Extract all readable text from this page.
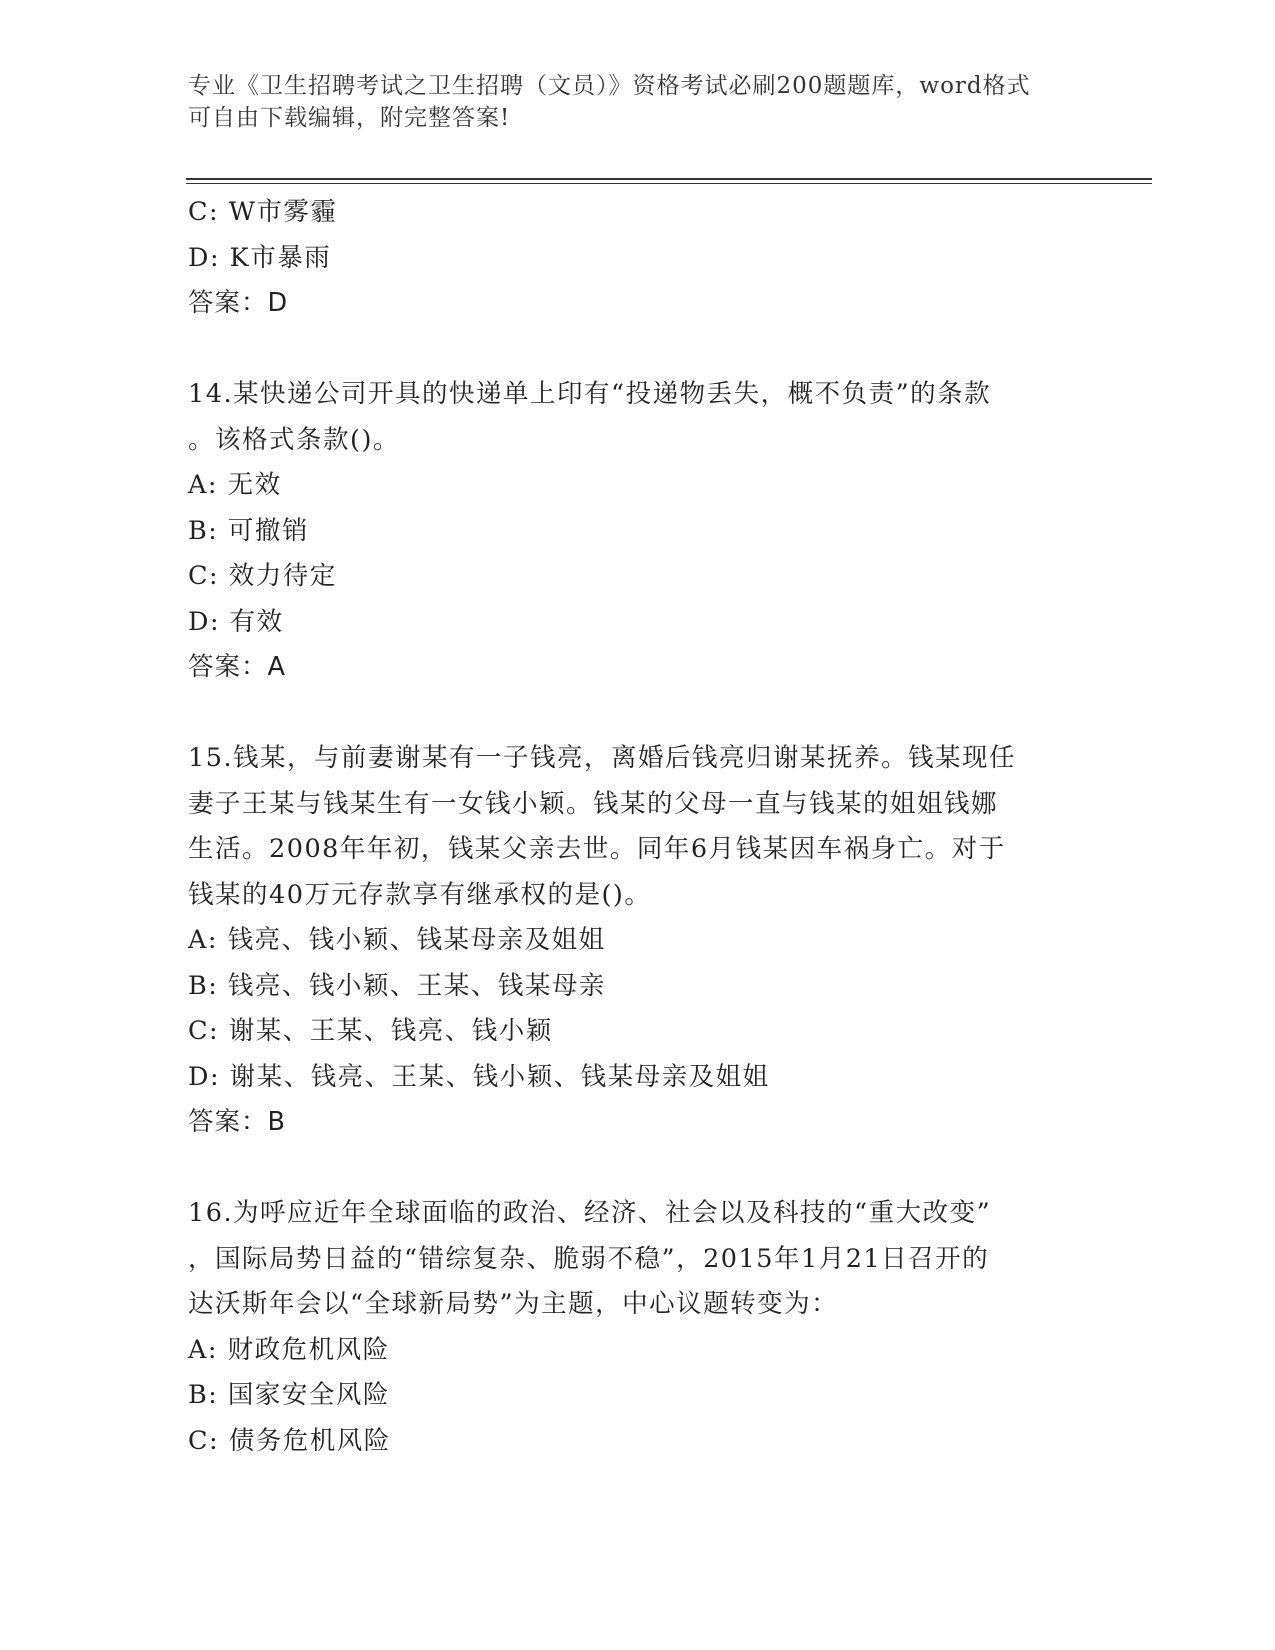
专业《卫生招聘考试之卫生招聘（文员）》资格考试必刷200题题库，word格式
可自由下载编辑，附完整答案!
C: W市雾霾
D: K市暴雨
答案：D
14.某快递公司开具的快递单上印有“投递物丢失，概不负责”的条款
。该格式条款()。
A: 无效
B: 可撤销
C: 效力待定
D: 有效
答案：A
15.钱某，与前妻谢某有一子钱亮，离婚后钱亮归谢某抚养。钱某现任
妻子王某与钱某生有一女钱小颖。钱某的父母一直与钱某的姐姐钱娜
生活。2008年年初，钱某父亲去世。同年6月钱某因车祸身亡。对于
钱某的40万元存款享有继承权的是()。
A: 钱亮、钱小颖、钱某母亲及姐姐
B: 钱亮、钱小颖、王某、钱某母亲
C: 谢某、王某、钱亮、钱小颖
D: 谢某、钱亮、王某、钱小颖、钱某母亲及姐姐
答案：B
16.为呼应近年全球面临的政治、经济、社会以及科技的“重大改变”
，国际局势日益的“错综复杂、脆弱不稳”，2015年1月21日召开的
达沃斯年会以“全球新局势”为主题，中心议题转变为：
A: 财政危机风险
B: 国家安全风险
C: 债务危机风险
